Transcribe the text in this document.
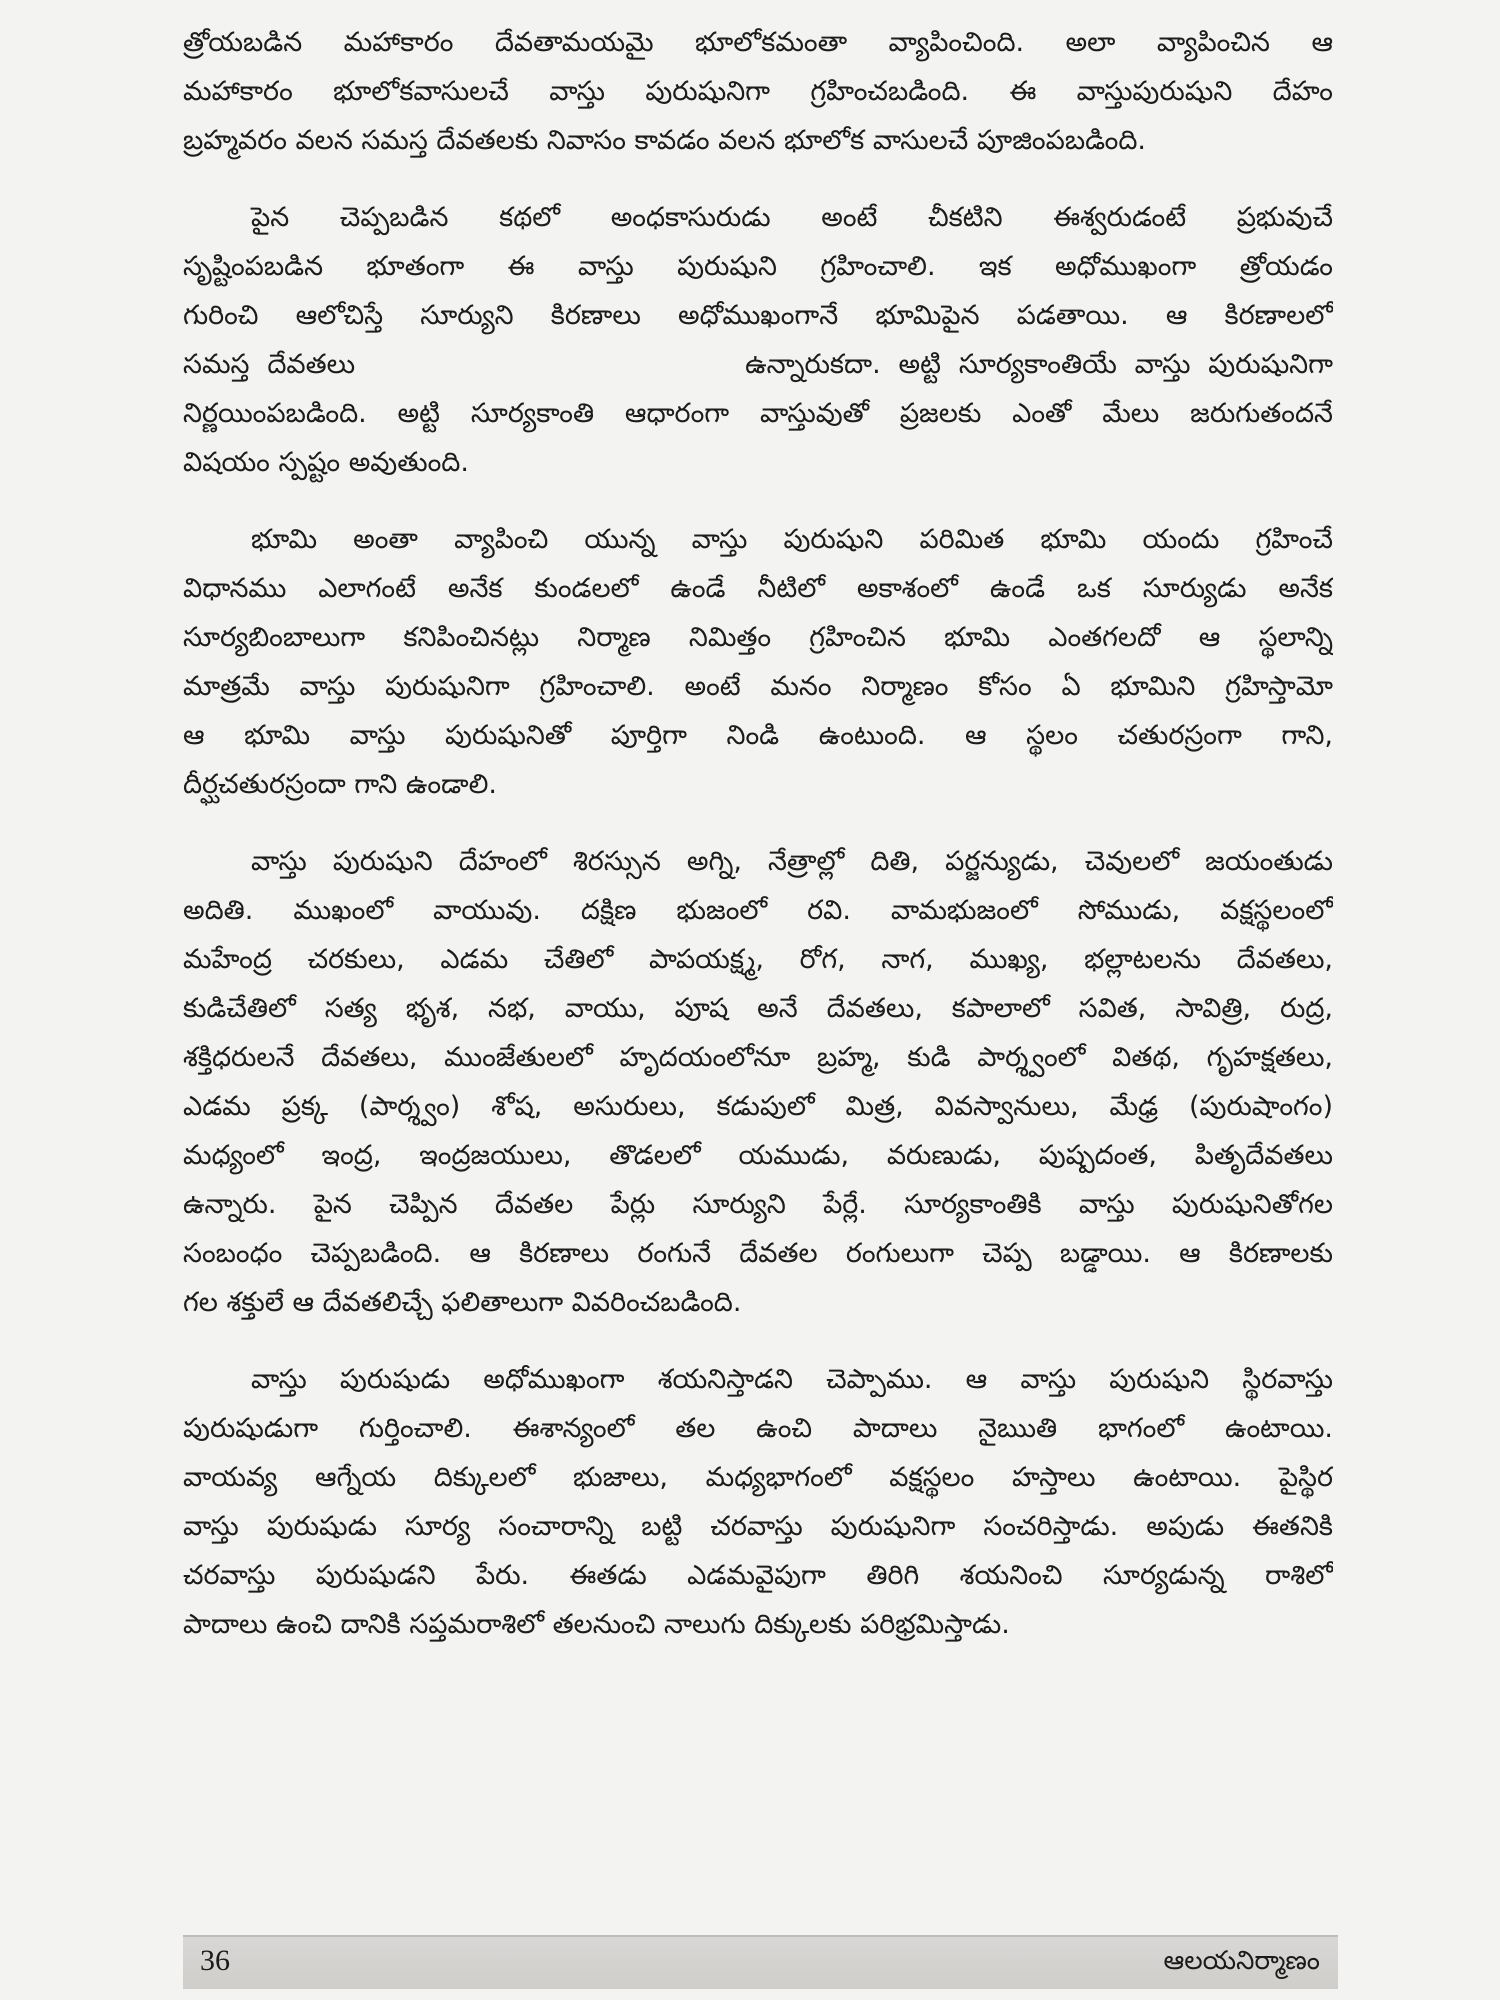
త్రోయబడిన మహాకారం దేవతామయమై భూలోకమంతా వ్యాపించింది. అలా వ్యాపించిన ఆ
మహాకారం భూలోకవాసులచే వాస్తు పురుషునిగా గ్రహించబడింది. ఈ వాస్తుపురుషుని దేహం
బ్రహ్మవరం వలన సమస్త దేవతలకు నివాసం కావడం వలన భూలోక వాసులచే పూజింపబడింది.
పైన చెప్పబడిన కథలో అంధకాసురుడు అంటే చీకటిని ఈశ్వరుడంటే ప్రభువుచే
సృష్టింపబడిన భూతంగా ఈ వాస్తు పురుషుని గ్రహించాలి. ఇక అధోముఖంగా త్రోయడం
గురించి ఆలోచిస్తే సూర్యుని కిరణాలు అధోముఖంగానే భూమిపైన పడతాయి. ఆ కిరణాలలో
సమస్త దేవతలు	ఉన్నారుకదా. అట్టి సూర్యకాంతియే వాస్తు పురుషునిగా
నిర్ణయింపబడింది. అట్టి సూర్యకాంతి ఆధారంగా వాస్తువుతో ప్రజలకు ఎంతో మేలు జరుగుతందనే
విషయం స్పష్టం అవుతుంది.
భూమి అంతా వ్యాపించి యున్న వాస్తు పురుషుని పరిమిత భూమి యందు గ్రహించే
విధానము ఎలాగంటే అనేక కుండలలో ఉండే నీటిలో అకాశంలో ఉండే ఒక సూర్యుడు అనేక
సూర్యబింబాలుగా కనిపించినట్లు నిర్మాణ నిమిత్తం గ్రహించిన భూమి ఎంతగలదో ఆ స్థలాన్ని
మాత్రమే వాస్తు పురుషునిగా గ్రహించాలి. అంటే మనం నిర్మాణం కోసం ఏ భూమిని గ్రహిస్తామో
ఆ భూమి వాస్తు పురుషునితో పూర్తిగా నిండి ఉంటుంది. ఆ స్థలం చతురస్రంగా గాని,
దీర్ఘచతురస్రందా గాని ఉండాలి.
వాస్తు పురుషుని దేహంలో శిరస్సున అగ్ని, నేత్రాల్లో దితి, పర్జన్యుడు, చెవులలో జయంతుడు
అదితి. ముఖంలో వాయువు. దక్షిణ భుజంలో రవి. వామభుజంలో సోముడు, వక్షస్థలంలో
మహేంద్ర చరకులు, ఎడమ చేతిలో పాపయక్ష్మ, రోగ, నాగ, ముఖ్య, భల్లాటలను దేవతలు,
కుడిచేతిలో సత్య భృశ, నభ, వాయు, పూష అనే దేవతలు, కపాలాలో సవిత, సావిత్రి, రుద్ర,
శక్తిధరులనే దేవతలు, ముంజేతులలో హృదయంలోనూ బ్రహ్మ, కుడి పార్శ్వంలో వితథ, గృహక్షతలు,
ఎడమ ప్రక్క (పార్శ్వం) శోష, అసురులు, కడుపులో మిత్ర, వివస్వానులు, మేఢ్ర (పురుషాంగం)
మధ్యంలో ఇంద్ర, ఇంద్రజయులు, తొడలలో యముడు, వరుణుడు, పుష్పదంత, పితృదేవతలు
ఉన్నారు. పైన చెప్పిన దేవతల పేర్లు సూర్యుని పేర్లే. సూర్యకాంతికి వాస్తు పురుషునితోగల
సంబంధం చెప్పబడింది. ఆ కిరణాలు రంగునే దేవతల రంగులుగా చెప్ప బడ్డాయి. ఆ కిరణాలకు
గల శక్తులే ఆ దేవతలిచ్చే ఫలితాలుగా వివరించబడింది.
వాస్తు పురుషుడు అధోముఖంగా శయనిస్తాడని చెప్పాము. ఆ వాస్తు పురుషుని స్థిరవాస్తు
పురుషుడుగా గుర్తించాలి. ఈశాన్యంలో తల ఉంచి పాదాలు నైఋతి భాగంలో ఉంటాయి.
వాయవ్య ఆగ్నేయ దిక్కులలో భుజాలు, మధ్యభాగంలో వక్షస్థలం హస్తాలు ఉంటాయి. పైస్థిర
వాస్తు పురుషుడు సూర్య సంచారాన్ని బట్టి చరవాస్తు పురుషునిగా సంచరిస్తాడు. అపుడు ఈతనికి
చరవాస్తు పురుషుడని పేరు. ఈతడు ఎడమవైపుగా తిరిగి శయనించి సూర్యడున్న రాశిలో
పాదాలు ఉంచి దానికి సప్తమరాశిలో తలనుంచి నాలుగు దిక్కులకు పరిభ్రమిస్తాడు.
36	ఆలయనిర్మాణం
